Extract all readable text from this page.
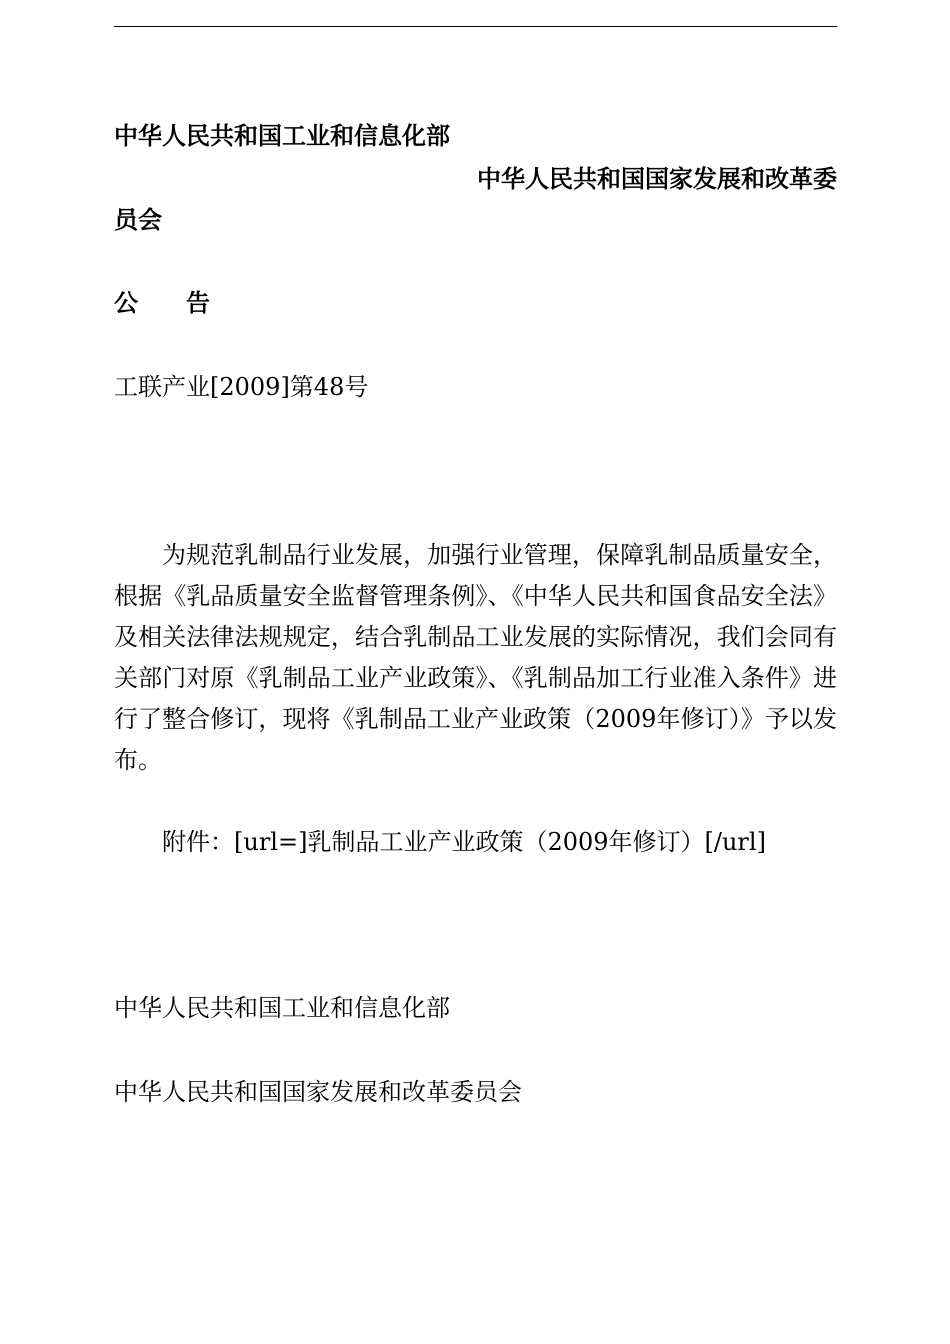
中华人民共和国工业和信息化部
中华人民共和国国家发展和改革委
员会
公 告
工联产业[2009]第48号
为规范乳制品行业发展，加强行业管理，保障乳制品质量安全，根据《乳品质量安全监督管理条例》、《中华人民共和国食品安全法》及相关法律法规规定，结合乳制品工业发展的实际情况，我们会同有关部门对原《乳制品工业产业政策》、《乳制品加工行业准入条件》进行了整合修订，现将《乳制品工业产业政策（2009年修订）》予以发布。
附件：[url=]乳制品工业产业政策（2009年修订）[/url]
中华人民共和国工业和信息化部
中华人民共和国国家发展和改革委员会
